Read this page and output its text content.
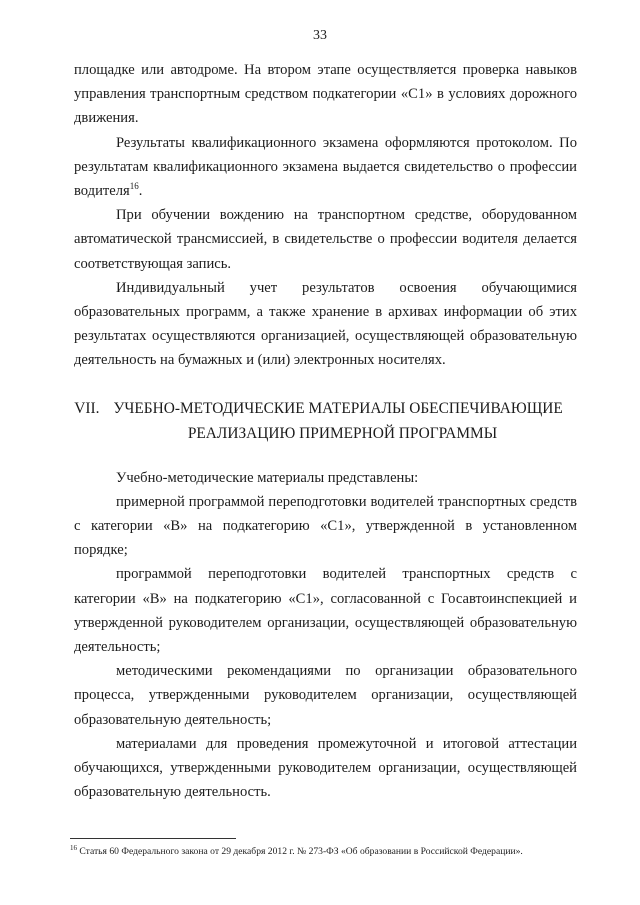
33

площадке или автодроме. На втором этапе осуществляется проверка навыков управления транспортным средством подкатегории «С1» в условиях дорожного движения.

Результаты квалификационного экзамена оформляются протоколом. По результатам квалификационного экзамена выдается свидетельство о профессии водителя$^{16}$.

При обучении вождению на транспортном средстве, оборудованном автоматической трансмиссией, в свидетельстве о профессии водителя делается соответствующая запись.

Индивидуальный учет результатов освоения обучающимися образовательных программ, а также хранение в архивах информации об этих результатах осуществляются организацией, осуществляющей образовательную деятельность на бумажных и (или) электронных носителях.

VII. УЧЕБНО-МЕТОДИЧЕСКИЕ МАТЕРИАЛЫ ОБЕСПЕЧИВАЮЩИЕ
РЕАЛИЗАЦИЮ ПРИМЕРНОЙ ПРОГРАММЫ

Учебно-методические материалы представлены:

примерной программой переподготовки водителей транспортных средств с категории «В» на подкатегорию «С1», утвержденной в установленном порядке;

программой переподготовки водителей транспортных средств с категории «В» на подкатегорию «С1», согласованной с Госавтоинспекцией и утвержденной руководителем организации, осуществляющей образовательную деятельность;

методическими рекомендациями по организации образовательного процесса, утвержденными руководителем организации, осуществляющей образовательную деятельность;

материалами для проведения промежуточной и итоговой аттестации обучающихся, утвержденными руководителем организации, осуществляющей образовательную деятельность.

$^{16}$ Статья 60 Федерального закона от 29 декабря 2012 г. № 273-ФЗ «Об образовании в Российской Федерации».
